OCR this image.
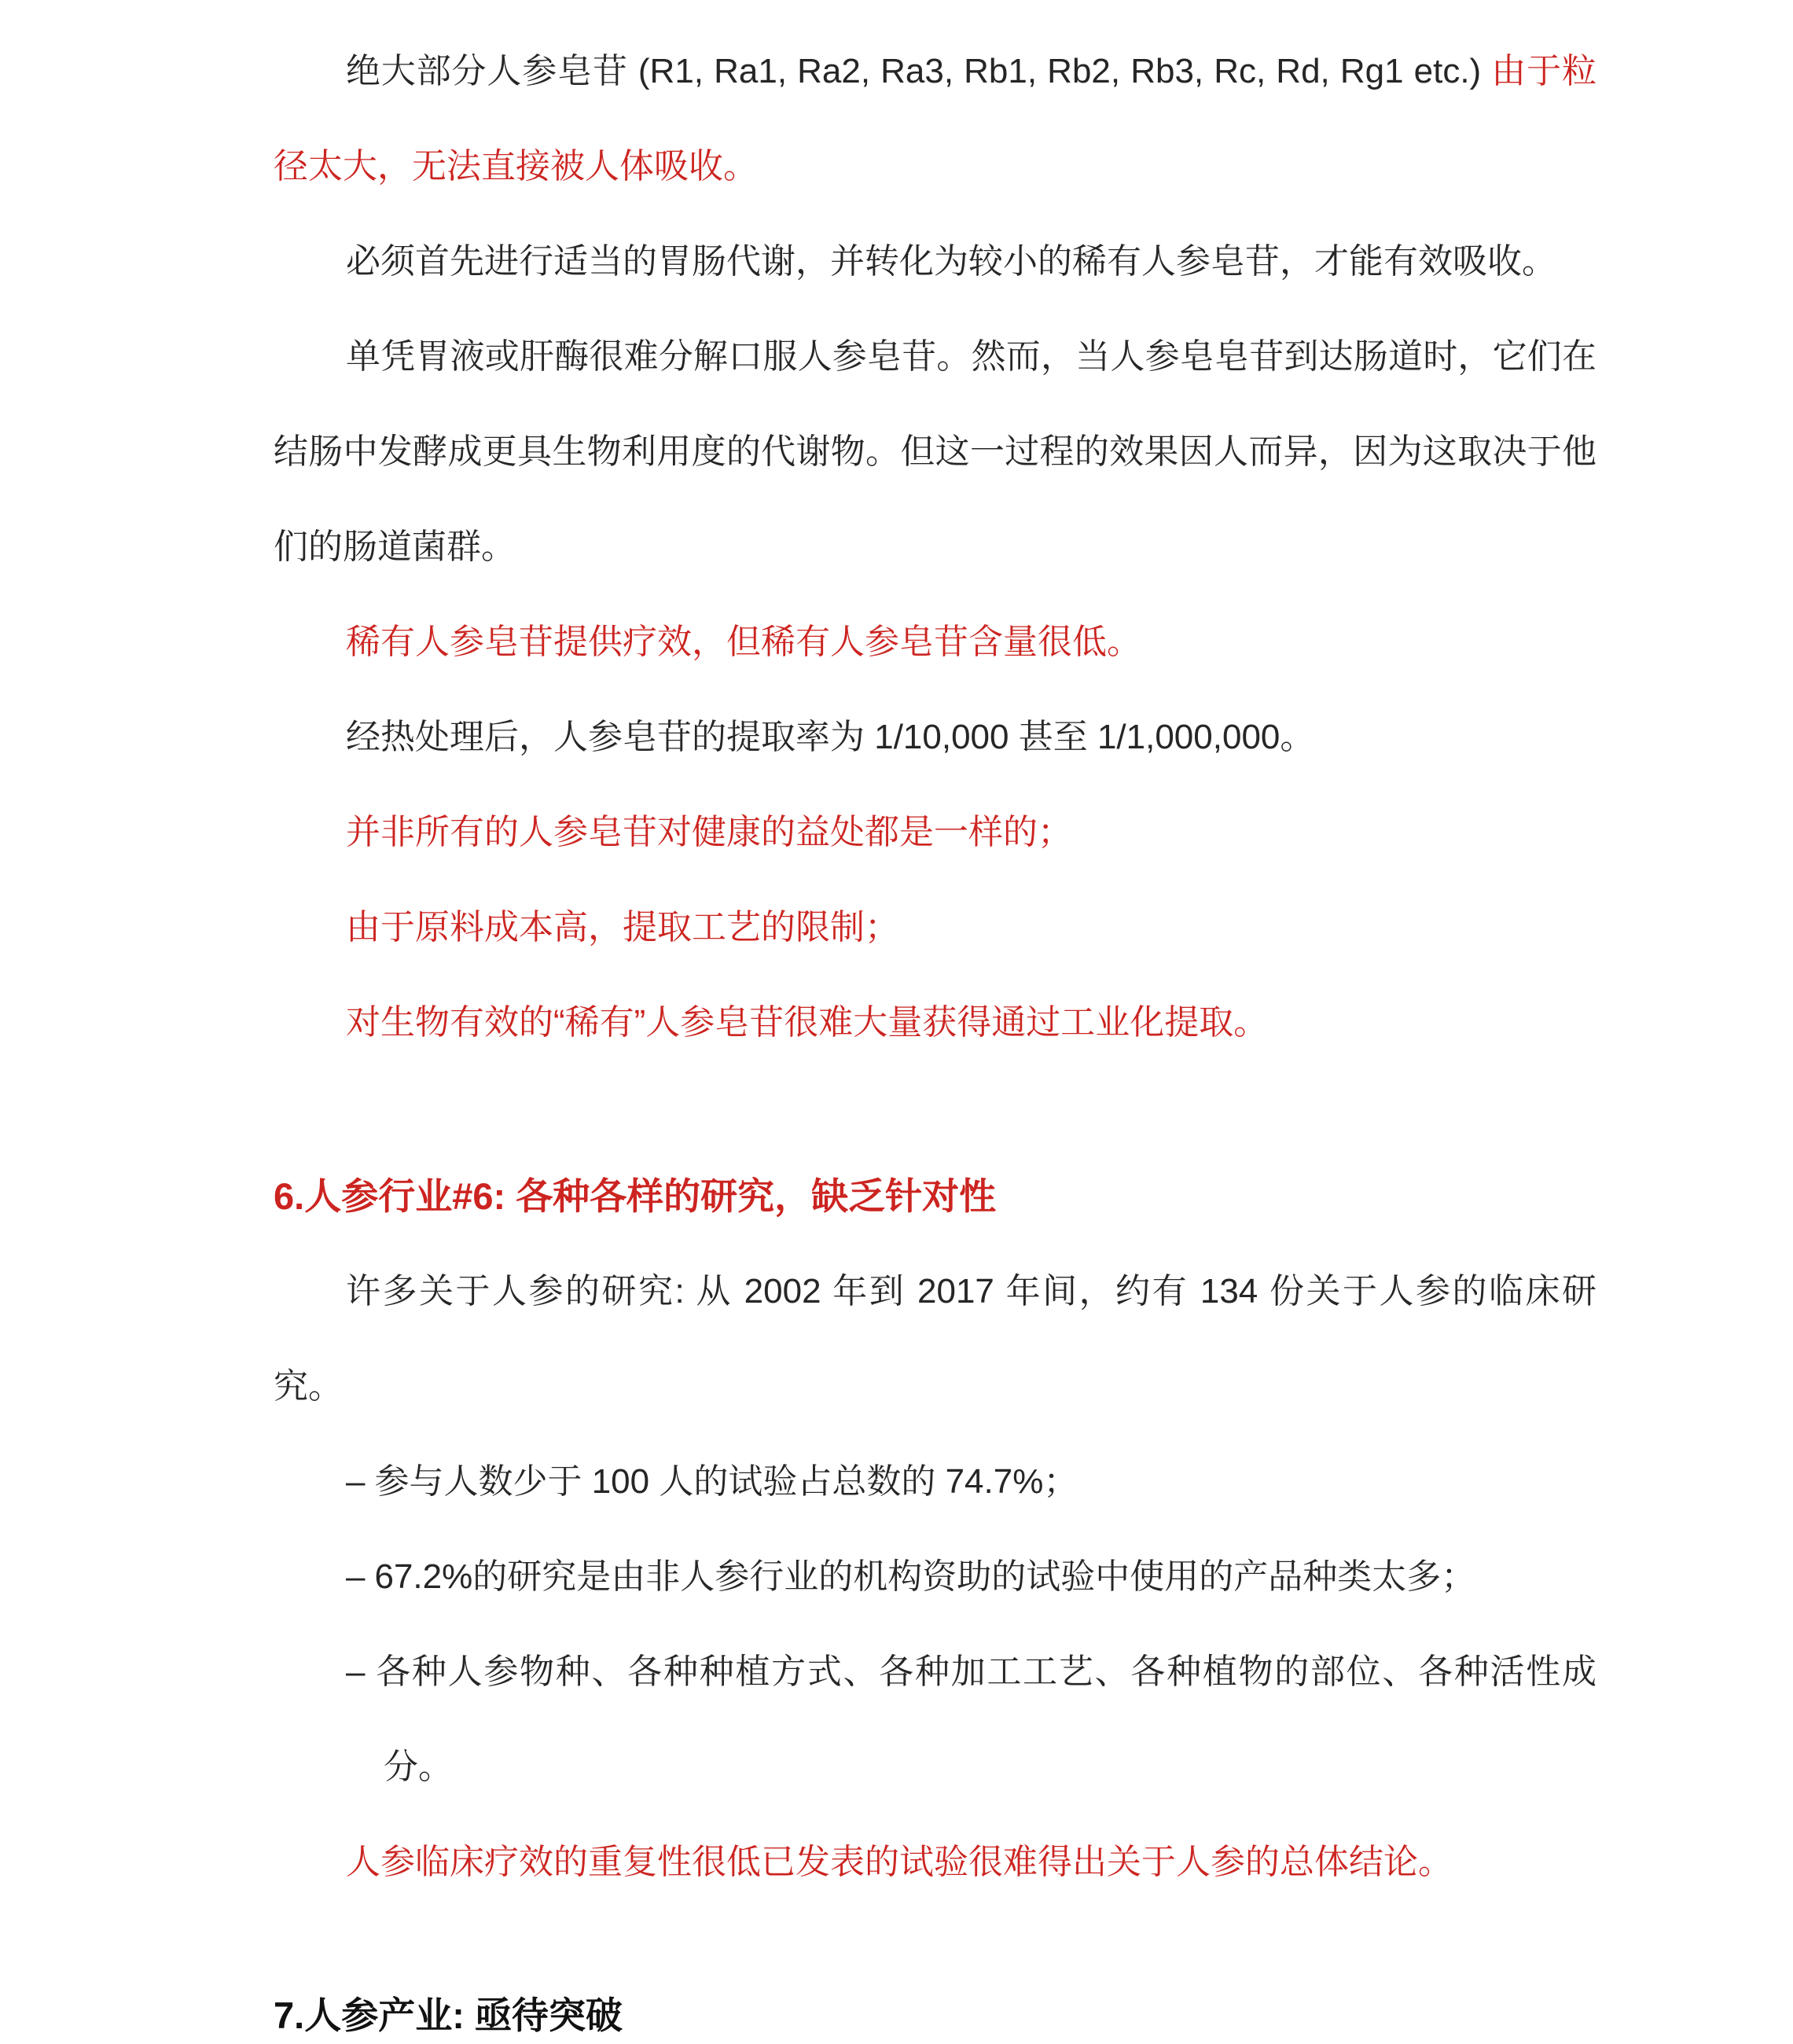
绝大部分人参皂苷 (R1, Ra1, Ra2, Ra3, Rb1, Rb2, Rb3, Rc, Rd, Rg1 etc.) 由于粒径太大，无法直接被人体吸收。

必须首先进行适当的胃肠代谢，并转化为较小的稀有人参皂苷，才能有效吸收。

单凭胃液或肝酶很难分解口服人参皂苷。然而，当人参皂皂苷到达肠道时，它们在结肠中发酵成更具生物利用度的代谢物。但这一过程的效果因人而异，因为这取决于他们的肠道菌群。

稀有人参皂苷提供疗效，但稀有人参皂苷含量很低。

经热处理后，人参皂苷的提取率为 1/10,000 甚至 1/1,000,000。

并非所有的人参皂苷对健康的益处都是一样的；

由于原料成本高，提取工艺的限制；

对生物有效的“稀有”人参皂苷很难大量获得通过工业化提取。

6.人参行业#6: 各种各样的研究，缺乏针对性

许多关于人参的研究: 从 2002 年到 2017 年间，约有 134 份关于人参的临床研究。

– 参与人数少于 100 人的试验占总数的 74.7%；
– 67.2%的研究是由非人参行业的机构资助的试验中使用的产品种类太多；
– 各种人参物种、各种种植方式、各种加工工艺、各种植物的部位、各种活性成分。

人参临床疗效的重复性很低已发表的试验很难得出关于人参的总体结论。

7.人参产业: 亟待突破
